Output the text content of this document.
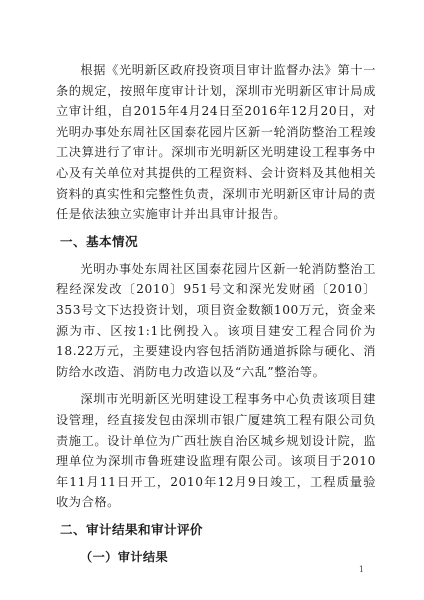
根据《光明新区政府投资项目审计监督办法》第十一条的规定，按照年度审计计划，深圳市光明新区审计局成立审计组，自2015年4月24日至2016年12月20日，对光明办事处东周社区国泰花园片区新一轮消防整治工程竣工决算进行了审计。深圳市光明新区光明建设工程事务中心及有关单位对其提供的工程资料、会计资料及其他相关资料的真实性和完整性负责，深圳市光明新区审计局的责任是依法独立实施审计并出具审计报告。

一、基本情况

光明办事处东周社区国泰花园片区新一轮消防整治工程经深发改〔2010〕951号文和深光发财函〔2010〕353号文下达投资计划，项目资金数额100万元，资金来源为市、区按1:1比例投入。该项目建安工程合同价为18.22万元，主要建设内容包括消防通道拆除与硬化、消防给水改造、消防电力改造以及“六乱”整治等。

深圳市光明新区光明建设工程事务中心负责该项目建设管理，经直接发包由深圳市银广厦建筑工程有限公司负责施工。设计单位为广西壮族自治区城乡规划设计院，监理单位为深圳市鲁班建设监理有限公司。该项目于2010年11月11日开工，2010年12月9日竣工，工程质量验收为合格。

二、审计结果和审计评价
（一）审计结果
1
